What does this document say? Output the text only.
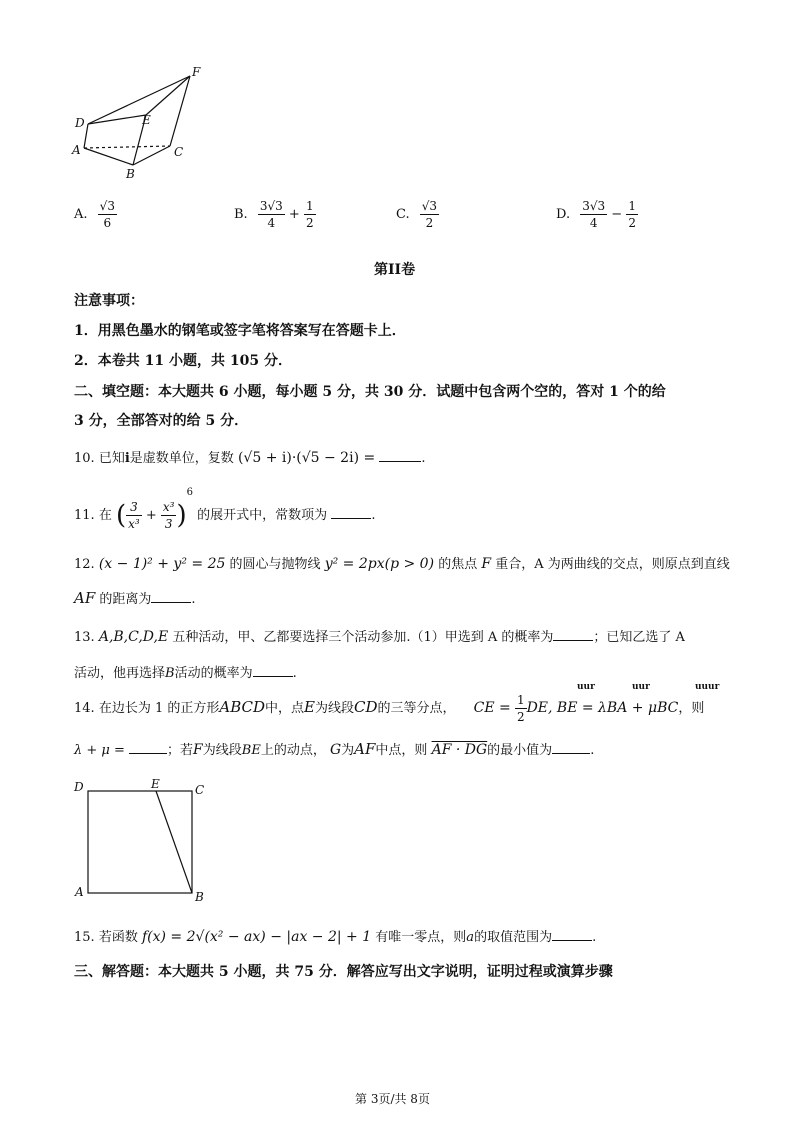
F
D	E
A	C
B
A. $\frac{√3}{6}$	B. $\frac{3√3}{4} + \frac{1}{2}$	C. $\frac{√3}{2}$	D. $\frac{3√3}{4} - \frac{1}{2}$
第II卷
注意事项：
1．用黑色墨水的钢笔或签字笔将答案写在答题卡上．
2．本卷共 11 小题，共 105 分．
二、填空题：本大题共 6 小题，每小题 5 分，共 30 分．试题中包含两个空的，答对 1 个的给
3 分，全部答对的给 5 分．
10. 已知i是虚数单位，复数 (√5 + i)·(√5 − 2i) =	.
11. 在 ( $\frac{3}{\text{x³}} + \frac{\text{x³}}{3} )^6$ 的展开式中，常数项为	.
12. (x − 1)² + y² = 25 的圆心与抛物线 y² = 2px(p > 0) 的焦点 F 重合，A 为两曲线的交点，则原点到直线
AF 的距离为	.
13. A,B,C,D,E 五种活动，甲、乙都要选择三个活动参加.（1）甲选到 A 的概率为	；已知乙选了 A
活动，他再选择B活动的概率为	.
uur	uur	uuur
14. 在边长为 1 的正方形ABCD中，点E为线段CD的三等分点， CE = $\frac{1}{2}$ DE, BE = λBA + μBC，则
λ + μ =	；若F为线段BE上的动点， G为AF中点，则 AF · DG的最小值为	.
D	E	C
A	B
15. 若函数 f(x) = 2√(x² − ax) − |ax − 2| + 1 有唯一零点，则a的取值范围为	.
三、解答题：本大题共 5 小题，共 75 分．解答应写出文字说明，证明过程或演算步骤
第 3页/共 8页
